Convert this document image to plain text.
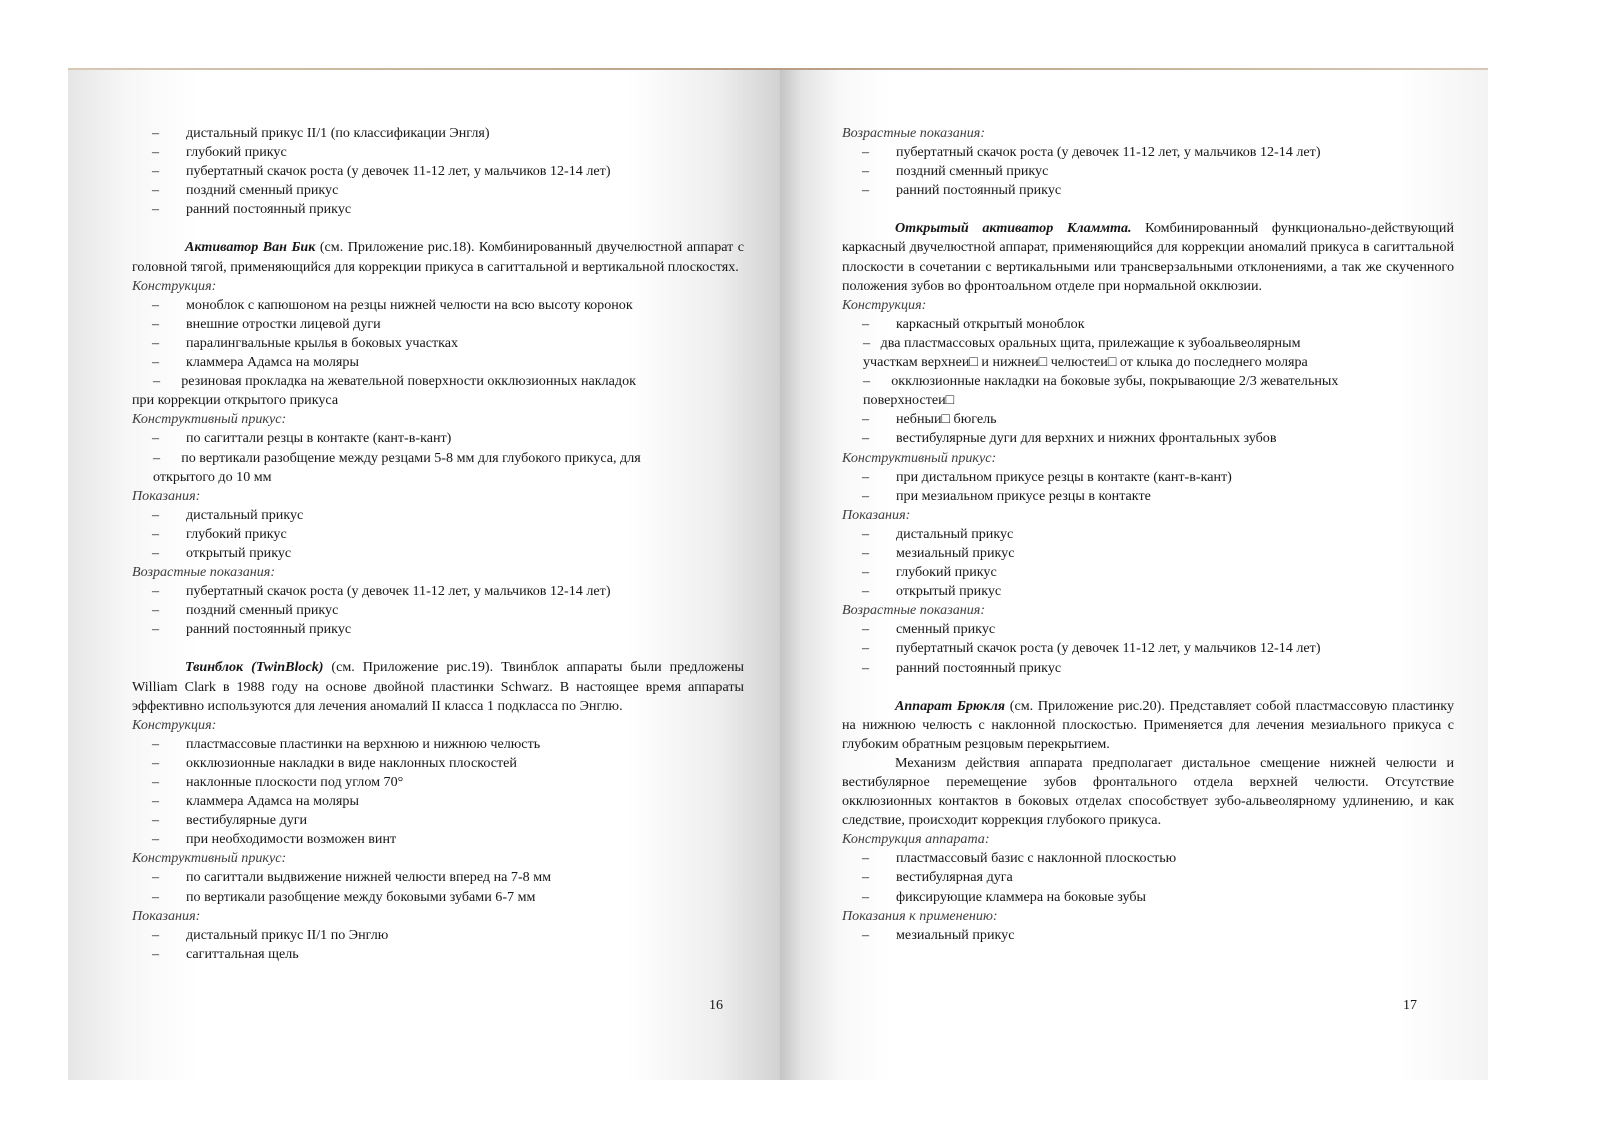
–	дистальный прикус II/1 (по классификации Энгля)
–	глубокий прикус
–	пубертатный скачок роста (у девочек 11-12 лет, у мальчиков 12-14 лет)
–	поздний сменный прикус
–	ранний постоянный прикус
Активатор Ван Бик (см. Приложение рис.18). Комбинированный двучелюстной аппарат с головной тягой, применяющийся для коррекции прикуса в сагиттальной и вертикальной плоскостях.
Конструкция:
–	моноблок с капюшоном на резцы нижней челюсти на всю высоту коронок
–	внешние отростки лицевой дуги
–	паралингвальные крылья в боковых участках
–	кламмера Адамса на моляры
– резиновая прокладка на жевательной поверхности окклюзионных накладок
при коррекции открытого прикуса
Конструктивный прикус:
–	по сагиттали резцы в контакте (кант-в-кант)
– по вертикали разобщение между резцами 5-8 мм для глубокого прикуса, для
открытого до 10 мм
Показания:
–	дистальный прикус
–	глубокий прикус
–	открытый прикус
Возрастные показания:
–	пубертатный скачок роста (у девочек 11-12 лет, у мальчиков 12-14 лет)
–	поздний сменный прикус
–	ранний постоянный прикус
Твинблок (TwinBlock) (см. Приложение рис.19). Твинблок аппараты были предложены William Clark в 1988 году на основе двойной пластинки Schwarz. В настоящее время аппараты эффективно используются для лечения аномалий II класса 1 подкласса по Энглю.
Конструкция:
–	пластмассовые пластинки на верхнюю и нижнюю челюсть
–	окклюзионные накладки в виде наклонных плоскостей
–	наклонные плоскости под углом 70°
–	кламмера Адамса на моляры
–	вестибулярные дуги
–	при необходимости возможен винт
Конструктивный прикус:
–	по сагиттали выдвижение нижней челюсти вперед на 7-8 мм
–	по вертикали разобщение между боковыми зубами 6-7 мм
Показания:
–	дистальный прикус II/1 по Энглю
–	сагиттальная щель
16
Возрастные показания:
–	пубертатный скачок роста (у девочек 11-12 лет, у мальчиков 12-14 лет)
–	поздний сменный прикус
–	ранний постоянный прикус
Открытый активатор Кламмта. Комбинированный функционально-действующий каркасный двучелюстной аппарат, применяющийся для коррекции аномалий прикуса в сагиттальной плоскости в сочетании с вертикальными или трансверзальными отклонениями, а так же скученного положения зубов во фронтоальном отделе при нормальной окклюзии.
Конструкция:
–	каркасный открытый моноблок
– два пластмассовых оральных щита, прилежащие к зубоальвеолярным
участкам верхнеи□ и нижнеи□ челюстеи□ от клыка до последнего моляра
– окклюзионные накладки на боковые зубы, покрывающие 2/3 жевательных
поверхностеи□
–	небныи□ бюгель
–	вестибулярные дуги для верхних и нижних фронтальных зубов
Конструктивный прикус:
–	при дистальном прикусе резцы в контакте (кант-в-кант)
–	при мезиальном прикусе резцы в контакте
Показания:
–	дистальный прикус
–	мезиальный прикус
–	глубокий прикус
–	открытый прикус
Возрастные показания:
–	сменный прикус
–	пубертатный скачок роста (у девочек 11-12 лет, у мальчиков 12-14 лет)
–	ранний постоянный прикус
Аппарат Брюкля (см. Приложение рис.20). Представляет собой пластмассовую пластинку на нижнюю челюсть с наклонной плоскостью. Применяется для лечения мезиального прикуса с глубоким обратным резцовым перекрытием.
Механизм действия аппарата предполагает дистальное смещение нижней челюсти и вестибулярное перемещение зубов фронтального отдела верхней челюсти. Отсутствие окклюзионных контактов в боковых отделах способствует зубо-альвеолярному удлинению, и как следствие, происходит коррекция глубокого прикуса.
Конструкция аппарата:
–	пластмассовый базис с наклонной плоскостью
–	вестибулярная дуга
–	фиксирующие кламмера на боковые зубы
Показания к применению:
–	мезиальный прикус
17
